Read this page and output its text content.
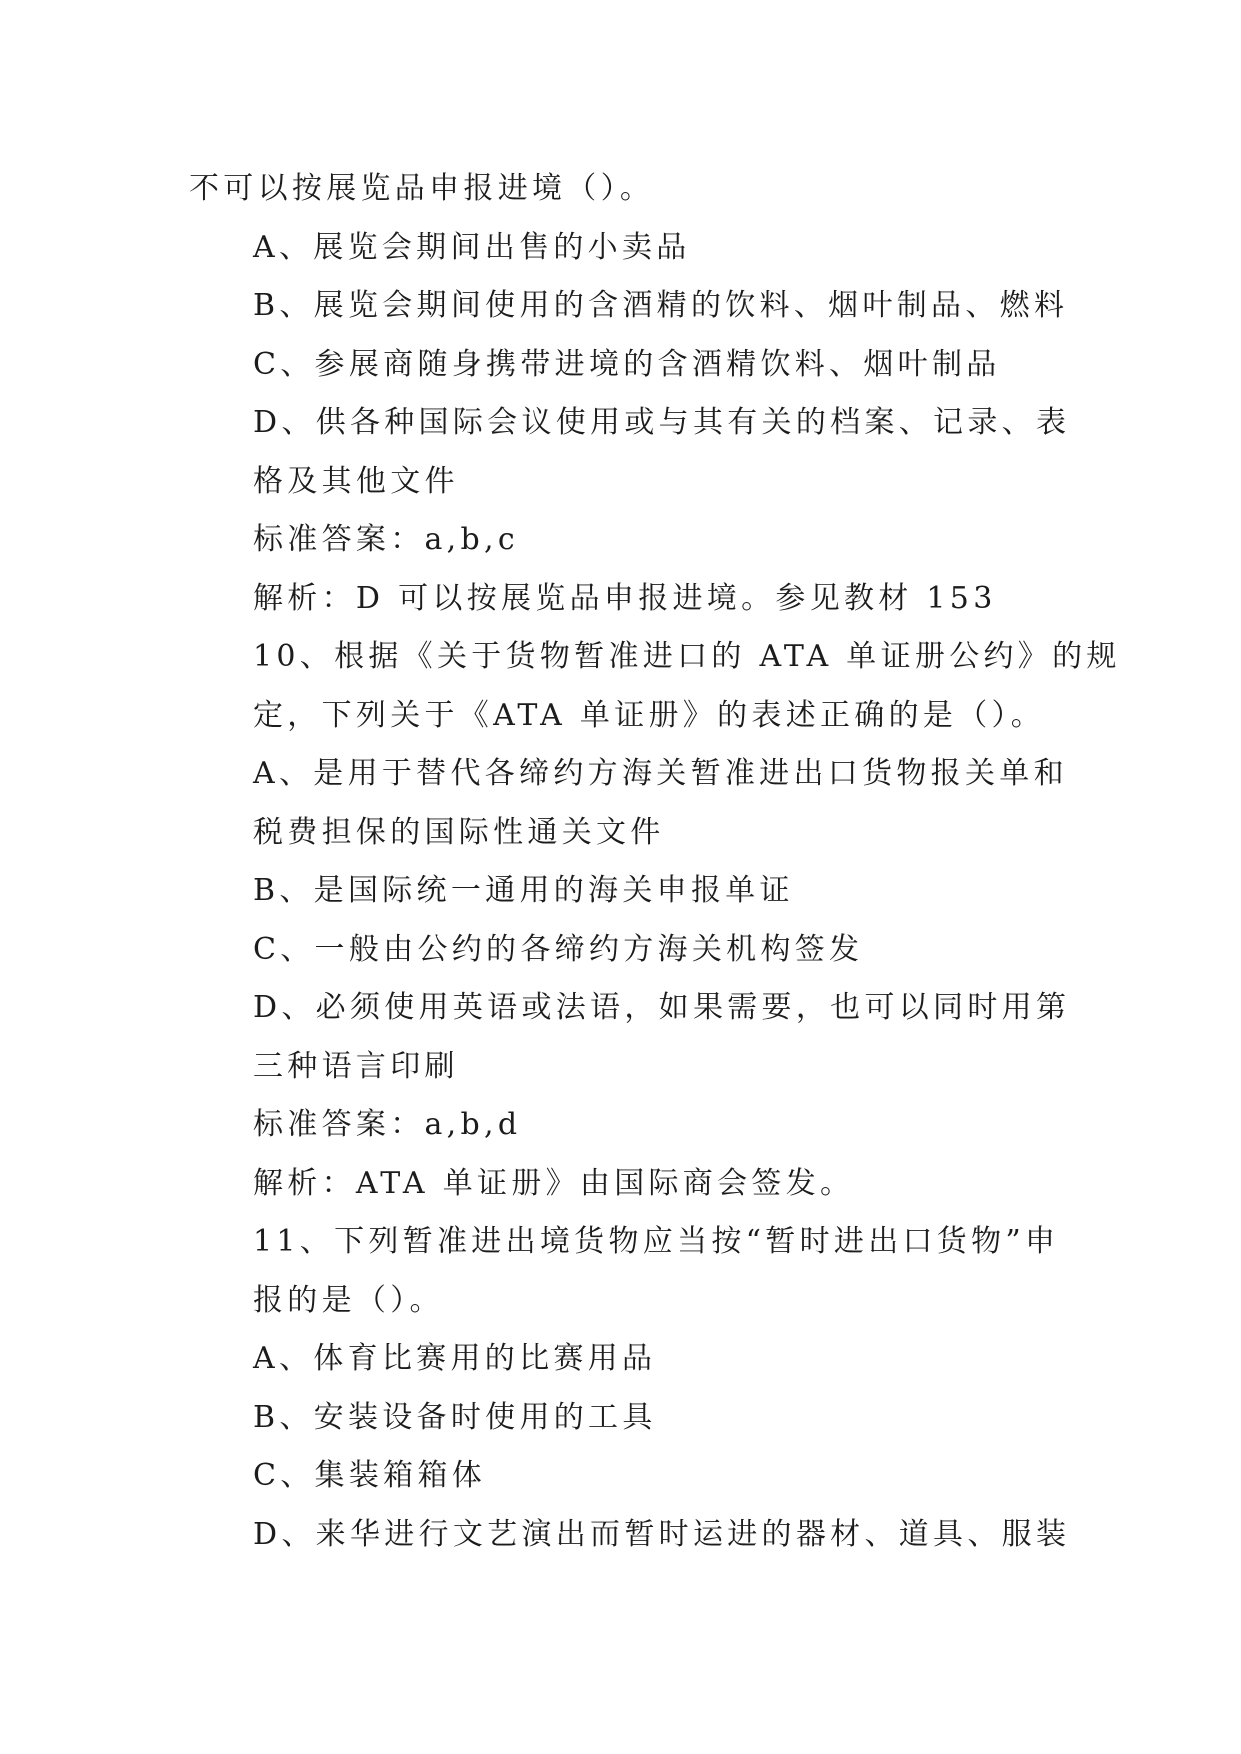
不可以按展览品申报进境（）。

A、展览会期间出售的小卖品

B、展览会期间使用的含酒精的饮料、烟叶制品、燃料

C、参展商随身携带进境的含酒精饮料、烟叶制品

D、供各种国际会议使用或与其有关的档案、记录、表
格及其他文件

标准答案：a,b,c

解析：D 可以按展览品申报进境。参见教材 153

10、根据《关于货物暂准进口的 ATA 单证册公约》的规
定，下列关于《ATA 单证册》的表述正确的是（）。

A、是用于替代各缔约方海关暂准进出口货物报关单和
税费担保的国际性通关文件

B、是国际统一通用的海关申报单证

C、一般由公约的各缔约方海关机构签发

D、必须使用英语或法语，如果需要，也可以同时用第
三种语言印刷

标准答案：a,b,d

解析：ATA 单证册》由国际商会签发。

11、下列暂准进出境货物应当按“暂时进出口货物”申
报的是（）。

A、体育比赛用的比赛用品

B、安装设备时使用的工具

C、集装箱箱体

D、来华进行文艺演出而暂时运进的器材、道具、服装
